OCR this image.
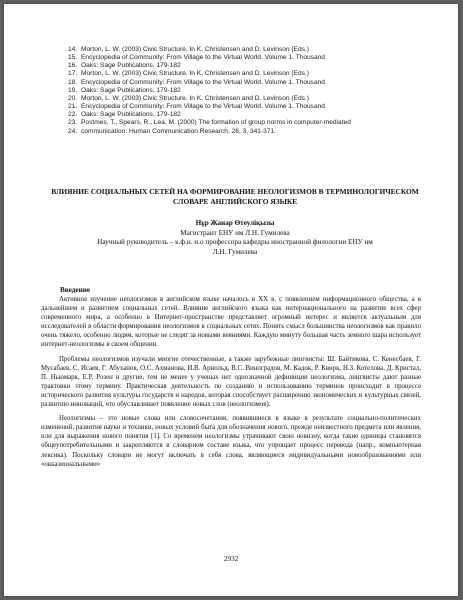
14. Morton, L. W. (2003) Civic Structure. In K. Christensen and D. Levinson (Eds.)
15. Encyclopedia of Community: From Village to the Virtual World. Volume 1. Thousand
16. Oaks: Sage Publications, 179-182
17. Morton, L. W. (2003) Civic Structure. In K. Christensen and D. Levinson (Eds.)
18. Encyclopedia of Community: From Village to the Virtual World. Volume 1. Thousand
19. Oaks: Sage Publications, 179-182
20. Morton, L. W. (2003) Civic Structure. In K. Christensen and D. Levinson (Eds.)
21. Encyclopedia of Community: From Village to the Virtual World. Volume 1. Thousand
22. Oaks: Sage Publications, 179-182
23. Postmes, T., Spears, R., Lea, M. (2000) The formation of group norms in computer-mediated
24. communication. Human Communication Research, 26, 3, 341-371.
ВЛИЯНИЕ СОЦИАЛЬНЫХ СЕТЕЙ НА ФОРМИРОВАНИЕ НЕОЛОГИЗМОВ В ТЕРМИНОЛОГИЧЕСКОМ СЛОВАРЕ АНГЛИЙСКОГО ЯЗЫКЕ
Нұр Жанар Өтеуліқызы
Магистрант ЕНУ им Л.Н. Гумилева
Научный руководитель – к.ф.н. и.о профессора кафедры иностранной филологии ЕНУ им
Л.Н. Гумилева
Введение

Активное изучение неологизмов в английском языке началось в XX в. с появлением информационного общества, а в дальнейшем и развитием социальных сетей. Влияние английского языка как интернационального на развитие всех сфер современного мира, а особенно в Интернет-пространстве представляет огромный интерес и является актуальным для исследователей в области формирования неологизмов в социальных сетях. Понять смысл большинства неологизмов как правило очень тяжело, особенно людям, которые не следят за новыми веяниями. Каждую минуту большая часть земного шара использует интернет-неологизмы в своем общении.

Проблемы неологизмов изучали многие отечественные, а также зарубежные лингвисты: Ш. Байтикова, С. Кенесбаев, Г. Мусабаев, С. Исаев, Г. Абуханов, О.С. Ахманова, И.В. Арнольд, В.С. Виноградов, М. Кадок, Р. Квирк, Н.З. Котелова, Д. Кристал, П. Ньюмарк, Е.Р. Розен и другие, тем не менее у ученых нет однозначной дефиниции неологизма, лингвисты дают разные трактовки этому термину. Практическая деятельность по созданию и использованию терминов происходит в процессе исторического развития культуры государств и народов, которая способствует расширению экономических и культурных связей, развитию инноваций, что обуславливает появление новых слов (неологизмов).

Неологизмы – это новые слова или словосочетания, появившиеся в языке в результате социально-политических изменений, развития науки и техники, новых условий быта для обозначения нового, прежде неизвестного предмета или явления, или для выражения нового понятия [1]. Со временем неологизмы утрачивают свою новизну, когда такие единицы становятся общеупотребительными и закрепляются в словарном составе языка, что упрощает процесс перевода (напр., компьютерная лексика). Поскольку словари не могут включать в себя слова, являющиеся индивидуальными новообразованиями или «окказиональными»

2932
